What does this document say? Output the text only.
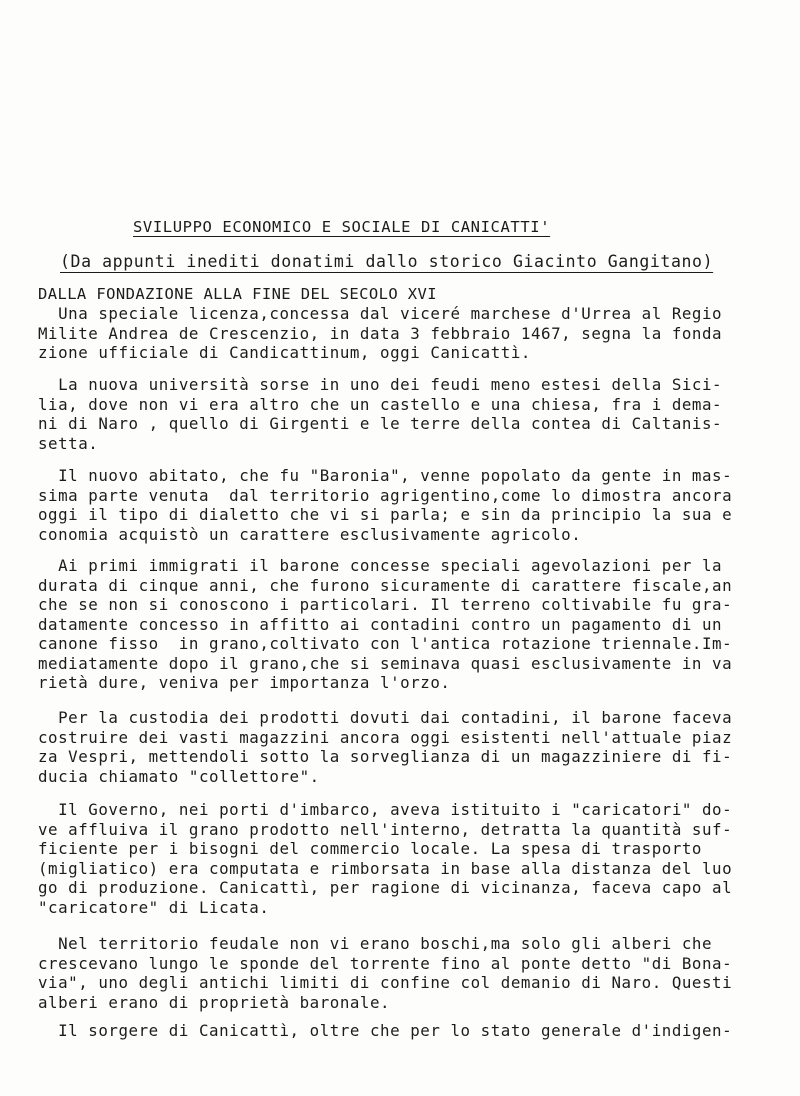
SVILUPPO ECONOMICO E SOCIALE DI CANICATTI'
(Da appunti inediti donatimi dallo storico Giacinto Gangitano)
DALLA FONDAZIONE ALLA FINE DEL SECOLO XVI
Una speciale licenza,concessa dal viceré marchese d'Urrea al Regio
Milite Andrea de Crescenzio, in data 3 febbraio 1467, segna la fonda
zione ufficiale di Candicattinum, oggi Canicattì.
La nuova università sorse in uno dei feudi meno estesi della Sici-
lia, dove non vi era altro che un castello e una chiesa, fra i dema-
ni di Naro , quello di Girgenti e le terre della contea di Caltanis-
setta.
Il nuovo abitato, che fu "Baronia", venne popolato da gente in mas-
sima parte venuta  dal territorio agrigentino,come lo dimostra ancora
oggi il tipo di dialetto che vi si parla; e sin da principio la sua e
conomia acquistò un carattere esclusivamente agricolo.
Ai primi immigrati il barone concesse speciali agevolazioni per la
durata di cinque anni, che furono sicuramente di carattere fiscale,an
che se non si conoscono i particolari. Il terreno coltivabile fu gra-
datamente concesso in affitto ai contadini contro un pagamento di un
canone fisso  in grano,coltivato con l'antica rotazione triennale.Im-
mediatamente dopo il grano,che si seminava quasi esclusivamente in va
rietà dure, veniva per importanza l'orzo.
Per la custodia dei prodotti dovuti dai contadini, il barone faceva
costruire dei vasti magazzini ancora oggi esistenti nell'attuale piaz
za Vespri, mettendoli sotto la sorveglianza di un magazziniere di fi-
ducia chiamato "collettore".
Il Governo, nei porti d'imbarco, aveva istituito i "caricatori" do-
ve affluiva il grano prodotto nell'interno, detratta la quantità suf-
ficiente per i bisogni del commercio locale. La spesa di trasporto
(migliatico) era computata e rimborsata in base alla distanza del luo
go di produzione. Canicattì, per ragione di vicinanza, faceva capo al
"caricatore" di Licata.
Nel territorio feudale non vi erano boschi,ma solo gli alberi che
crescevano lungo le sponde del torrente fino al ponte detto "di Bona-
via", uno degli antichi limiti di confine col demanio di Naro. Questi
alberi erano di proprietà baronale.
Il sorgere di Canicattì, oltre che per lo stato generale d'indigen-
